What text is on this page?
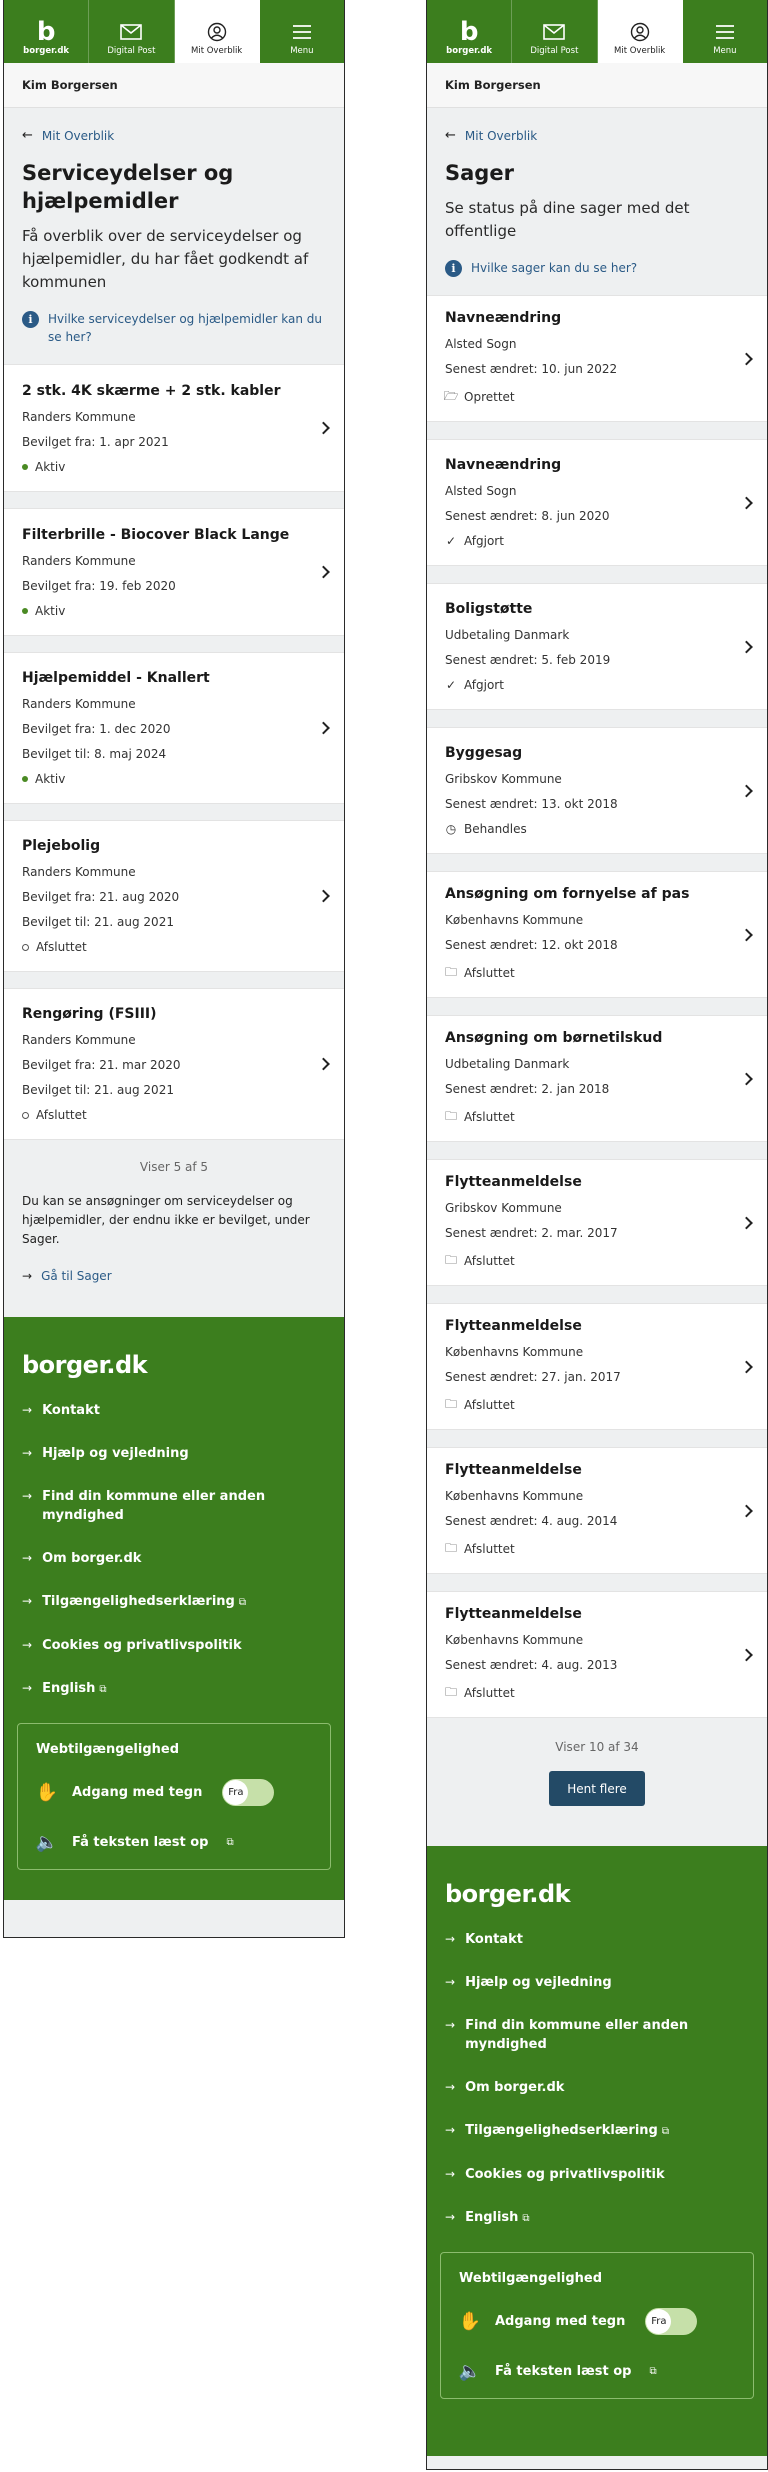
b
borger.dk	Digital Post	Mit Overblik	Menu
Kim Borgersen
← Mit Overblik
Serviceydelser og hjælpemidler

Få overblik over de serviceydelser og hjælpemidler, du har fået godkendt af kommunen

i	Hvilke serviceydelser og hjælpemidler kan du se her?
2 stk. 4K skærme + 2 stk. kabler
Randers Kommune
Bevilget fra: 1. apr 2021
Aktiv
Filterbrille - Biocover Black Lange
Randers Kommune
Bevilget fra: 19. feb 2020
Aktiv
Hjælpemiddel - Knallert
Randers Kommune
Bevilget fra: 1. dec 2020
Bevilget til: 8. maj 2024
Aktiv
Plejebolig
Randers Kommune
Bevilget fra: 21. aug 2020
Bevilget til: 21. aug 2021
Afsluttet
Rengøring (FSIII)
Randers Kommune
Bevilget fra: 21. mar 2020
Bevilget til: 21. aug 2021
Afsluttet
Viser 5 af 5

Du kan se ansøgninger om serviceydelser og hjælpemidler, der endnu ikke er bevilget, under Sager.

→ Gå til Sager
borger.dk
→ Kontakt
→ Hjælp og vejledning
→ Find din kommune eller anden myndighed
→ Om borger.dk
→ Tilgængelighedserklæring ⧉
→ Cookies og privatlivspolitik
→ English ⧉
Webtilgængelighed
✋ Adgang med tegn	Fra
🔈 Få teksten læst op ⧉
b
borger.dk	Digital Post	Mit Overblik	Menu
Kim Borgersen
← Mit Overblik
Sager

Se status på dine sager med det offentlige

i	Hvilke sager kan du se her?
Navneændring
Alsted Sogn
Senest ændret: 10. jun 2022
🗁 Oprettet
Navneændring
Alsted Sogn
Senest ændret: 8. jun 2020
✓ Afgjort
Boligstøtte
Udbetaling Danmark
Senest ændret: 5. feb 2019
✓ Afgjort
Byggesag
Gribskov Kommune
Senest ændret: 13. okt 2018
◷ Behandles
Ansøgning om fornyelse af pas
Københavns Kommune
Senest ændret: 12. okt 2018
🗀 Afsluttet
Ansøgning om børnetilskud
Udbetaling Danmark
Senest ændret: 2. jan 2018
🗀 Afsluttet
Flytteanmeldelse
Gribskov Kommune
Senest ændret: 2. mar. 2017
🗀 Afsluttet
Flytteanmeldelse
Københavns Kommune
Senest ændret: 27. jan. 2017
🗀 Afsluttet
Flytteanmeldelse
Københavns Kommune
Senest ændret: 4. aug. 2014
🗀 Afsluttet
Flytteanmeldelse
Københavns Kommune
Senest ændret: 4. aug. 2013
🗀 Afsluttet
Viser 10 af 34
Hent flere
borger.dk
→ Kontakt
→ Hjælp og vejledning
→ Find din kommune eller anden myndighed
→ Om borger.dk
→ Tilgængelighedserklæring ⧉
→ Cookies og privatlivspolitik
→ English ⧉
Webtilgængelighed
✋ Adgang med tegn	Fra
🔈 Få teksten læst op ⧉
